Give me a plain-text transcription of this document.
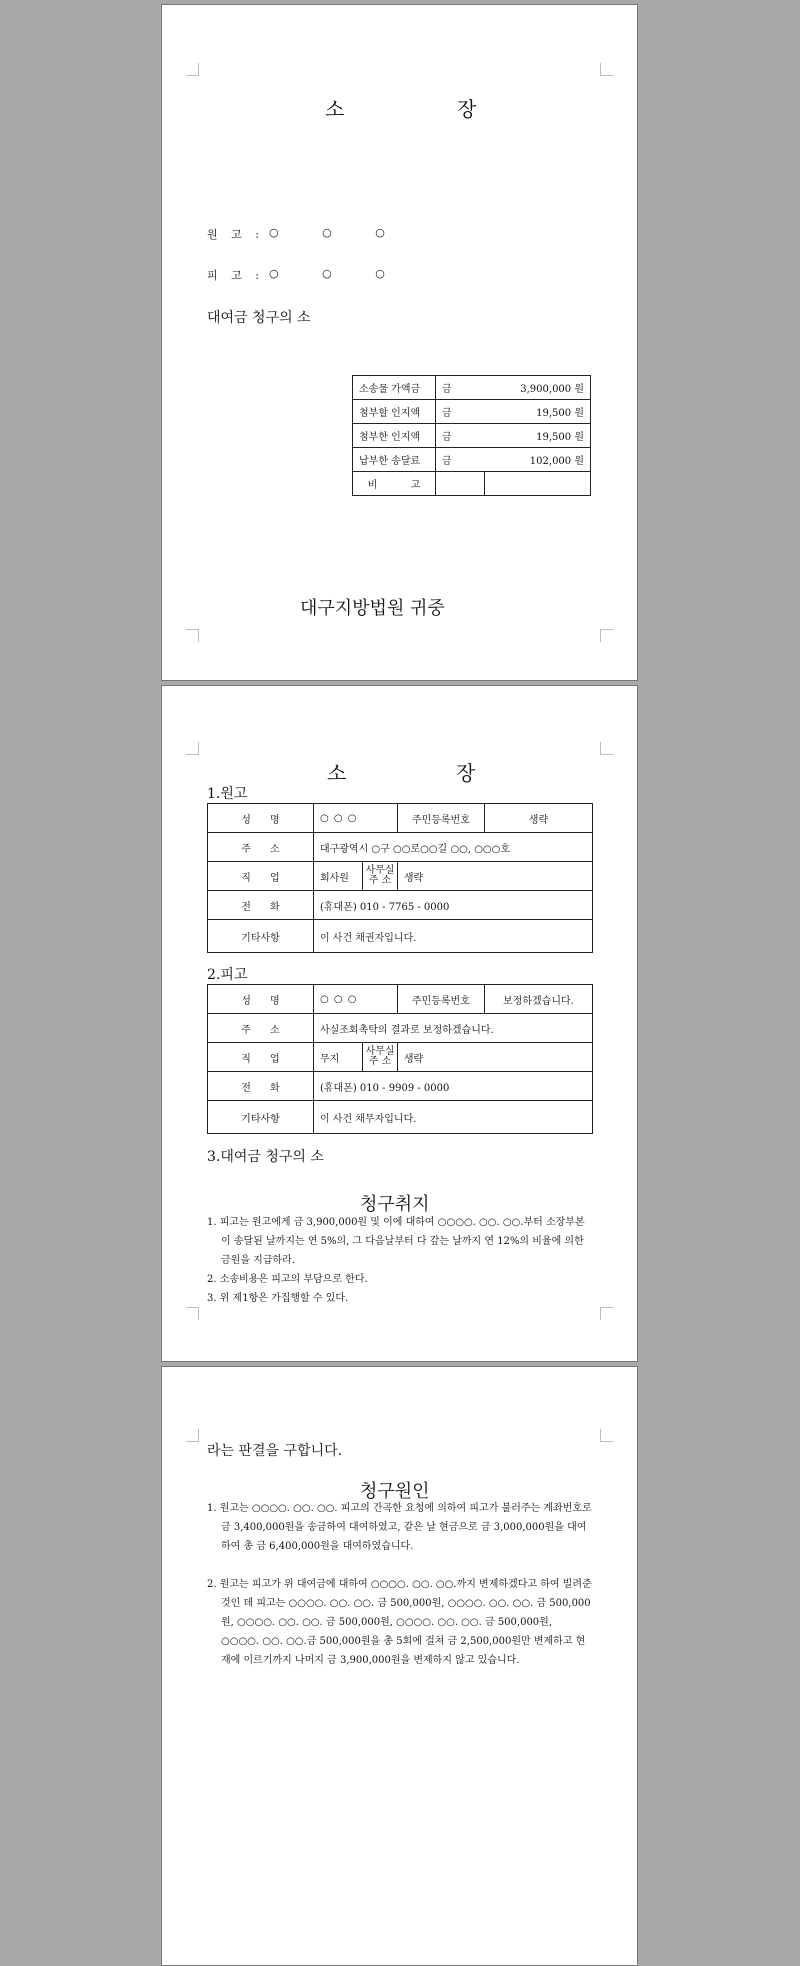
소	장
원 고 : ○ ○ ○
피 고 : ○ ○ ○
대여금 청구의 소
소송물 가액금	금	3,900,000 원
첨부할 인지액	금	19,500 원
첨부한 인지액	금	19,500 원
납부한 송달료	금	102,000 원
비 고		
대구지방법원 귀중
소	장
1.원고
성 명	○ ○ ○		주민등록번호	생략
주 소	대구광역시 ○구 ○○로○○길 ○○, ○○○호			
직 업	회사원	사무실 주 소	생략	
전 화	(휴대폰) 010 - 7765 - 0000			
기타사항	이 사건 채권자입니다.			
2.피고
성 명	○ ○ ○		주민등록번호	보정하겠습니다.
주 소	사실조회촉탁의 결과로 보정하겠습니다.			
직 업	무지	사무실 주 소	생략	
전 화	(휴대폰) 010 - 9909 - 0000			
기타사항	이 사건 채무자입니다.			
3.대여금 청구의 소
청구취지
1. 피고는 원고에게 금 3,900,000원 및 이에 대하여 ○○○○. ○○. ○○.부터 소장부본이 송달된 날까지는 연 5%의, 그 다음날부터 다 갚는 날까지 연 12%의 비율에 의한 금원을 지급하라.
2. 소송비용은 피고의 부담으로 한다.
3. 위 제1항은 가집행할 수 있다.
라는 판결을 구합니다.
청구원인
1. 원고는 ○○○○. ○○. ○○. 피고의 간곡한 요청에 의하여 피고가 불러주는 계좌번호로 금 3,400,000원을 송금하여 대여하였고, 같은 날 현금으로 금 3,000,000원을 대여하여 총 금 6,400,000원을 대여하였습니다.
2. 원고는 피고가 위 대여금에 대하여 ○○○○. ○○. ○○.까지 변제하겠다고 하여 빌려준 것인 데 피고는 ○○○○. ○○. ○○. 금 500,000원, ○○○○. ○○. ○○. 금 500,000원, ○○○○. ○○. ○○. 금 500,000원, ○○○○. ○○. ○○. 금 500,000원, ○○○○. ○○. ○○.금 500,000원을 총 5회에 걸쳐 금 2,500,000원만 변제하고 현재에 이르기까지 나머지 금 3,900,000원을 변제하지 않고 있습니다.
